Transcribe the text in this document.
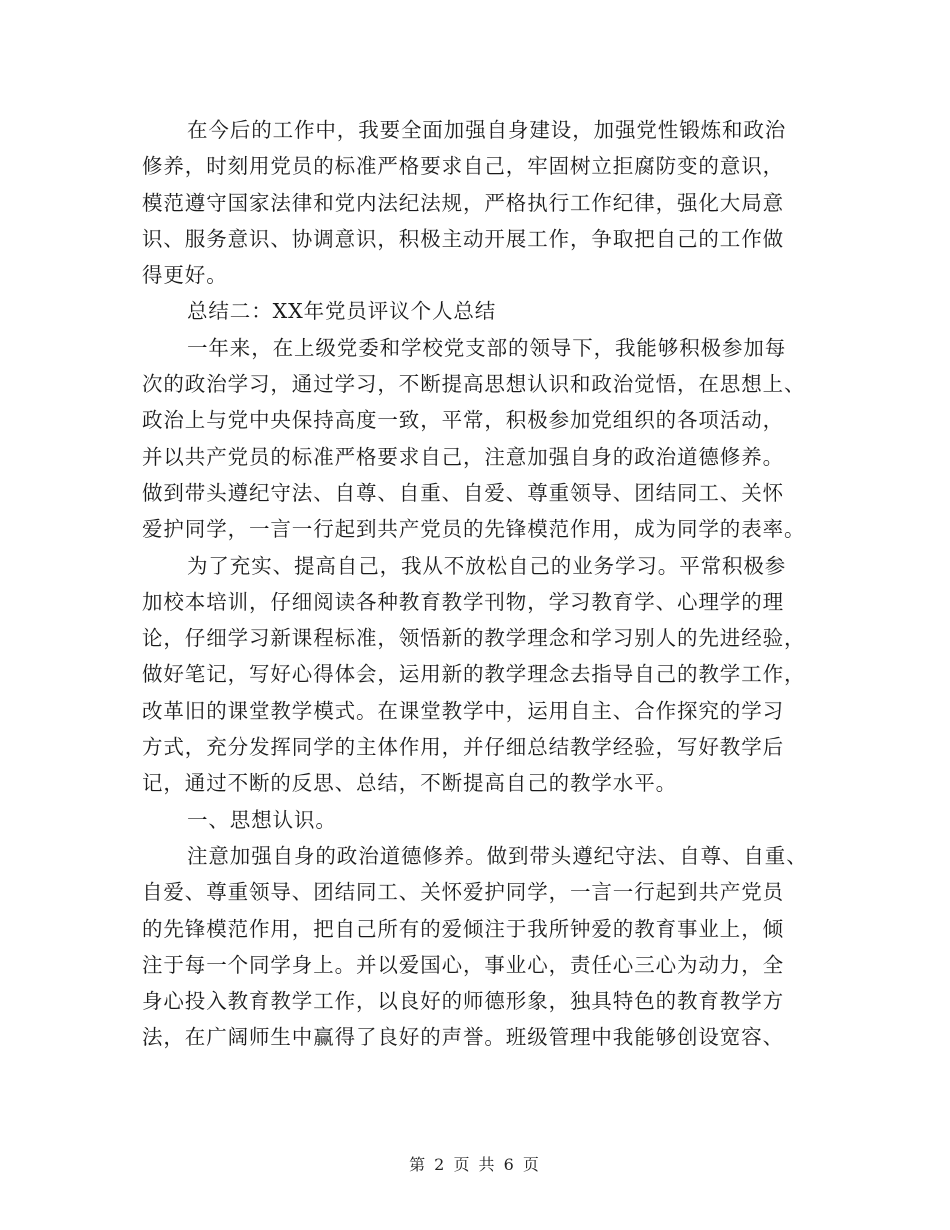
在今后的工作中，我要全面加强自身建设，加强党性锻炼和政治
修养，时刻用党员的标准严格要求自己，牢固树立拒腐防变的意识，
模范遵守国家法律和党内法纪法规，严格执行工作纪律，强化大局意
识、服务意识、协调意识，积极主动开展工作，争取把自己的工作做
得更好。
总结二：XX年党员评议个人总结
一年来，在上级党委和学校党支部的领导下，我能够积极参加每
次的政治学习，通过学习，不断提高思想认识和政治觉悟，在思想上、
政治上与党中央保持高度一致，平常，积极参加党组织的各项活动，
并以共产党员的标准严格要求自己，注意加强自身的政治道德修养。
做到带头遵纪守法、自尊、自重、自爱、尊重领导、团结同工、关怀
爱护同学，一言一行起到共产党员的先锋模范作用，成为同学的表率。
为了充实、提高自己，我从不放松自己的业务学习。平常积极参
加校本培训，仔细阅读各种教育教学刊物，学习教育学、心理学的理
论，仔细学习新课程标准，领悟新的教学理念和学习别人的先进经验，
做好笔记，写好心得体会，运用新的教学理念去指导自己的教学工作，
改革旧的课堂教学模式。在课堂教学中，运用自主、合作探究的学习
方式，充分发挥同学的主体作用，并仔细总结教学经验，写好教学后
记，通过不断的反思、总结，不断提高自己的教学水平。
一、思想认识。
注意加强自身的政治道德修养。做到带头遵纪守法、自尊、自重、
自爱、尊重领导、团结同工、关怀爱护同学，一言一行起到共产党员
的先锋模范作用，把自己所有的爱倾注于我所钟爱的教育事业上，倾
注于每一个同学身上。并以爱国心，事业心，责任心三心为动力，全
身心投入教育教学工作，以良好的师德形象，独具特色的教育教学方
法，在广阔师生中赢得了良好的声誉。班级管理中我能够创设宽容、
第 2 页 共 6 页
